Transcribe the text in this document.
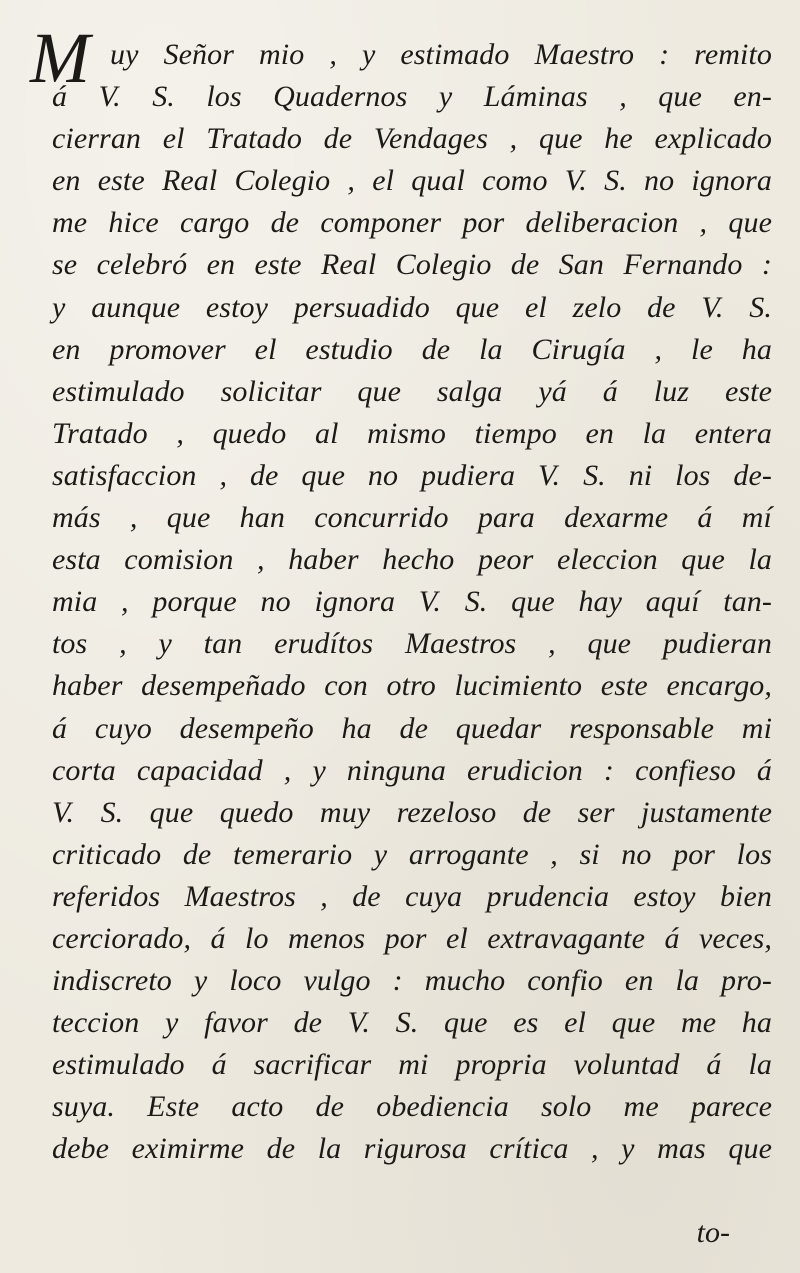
M uy Señor mio , y estimado Maestro : remito
á V. S. los Quadernos y Láminas , que en-
cierran el Tratado de Vendages , que he explicado
en este Real Colegio , el qual como V. S. no ignora
me hice cargo de componer por deliberacion , que
se celebró en este Real Colegio de San Fernando :
y aunque estoy persuadido que el zelo de V. S.
en promover el estudio de la Cirugía , le ha
estimulado solicitar que salga yá á luz este
Tratado , quedo al mismo tiempo en la entera
satisfaccion , de que no pudiera V. S. ni los de-
más , que han concurrido para dexarme á mí
esta comision , haber hecho peor eleccion que la
mia , porque no ignora V. S. que hay aquí tan-
tos , y tan erudítos Maestros , que pudieran
haber desempeñado con otro lucimiento este encargo,
á cuyo desempeño ha de quedar responsable mi
corta capacidad , y ninguna erudicion : confieso á
V. S. que quedo muy rezeloso de ser justamente
criticado de temerario y arrogante , si no por los
referidos Maestros , de cuya prudencia estoy bien
cerciorado, á lo menos por el extravagante á veces,
indiscreto y loco vulgo : mucho confio en la pro-
teccion y favor de V. S. que es el que me ha
estimulado á sacrificar mi propria voluntad á la
suya. Este acto de obediencia solo me parece
debe eximirme de la rigurosa crítica , y mas que
to-
